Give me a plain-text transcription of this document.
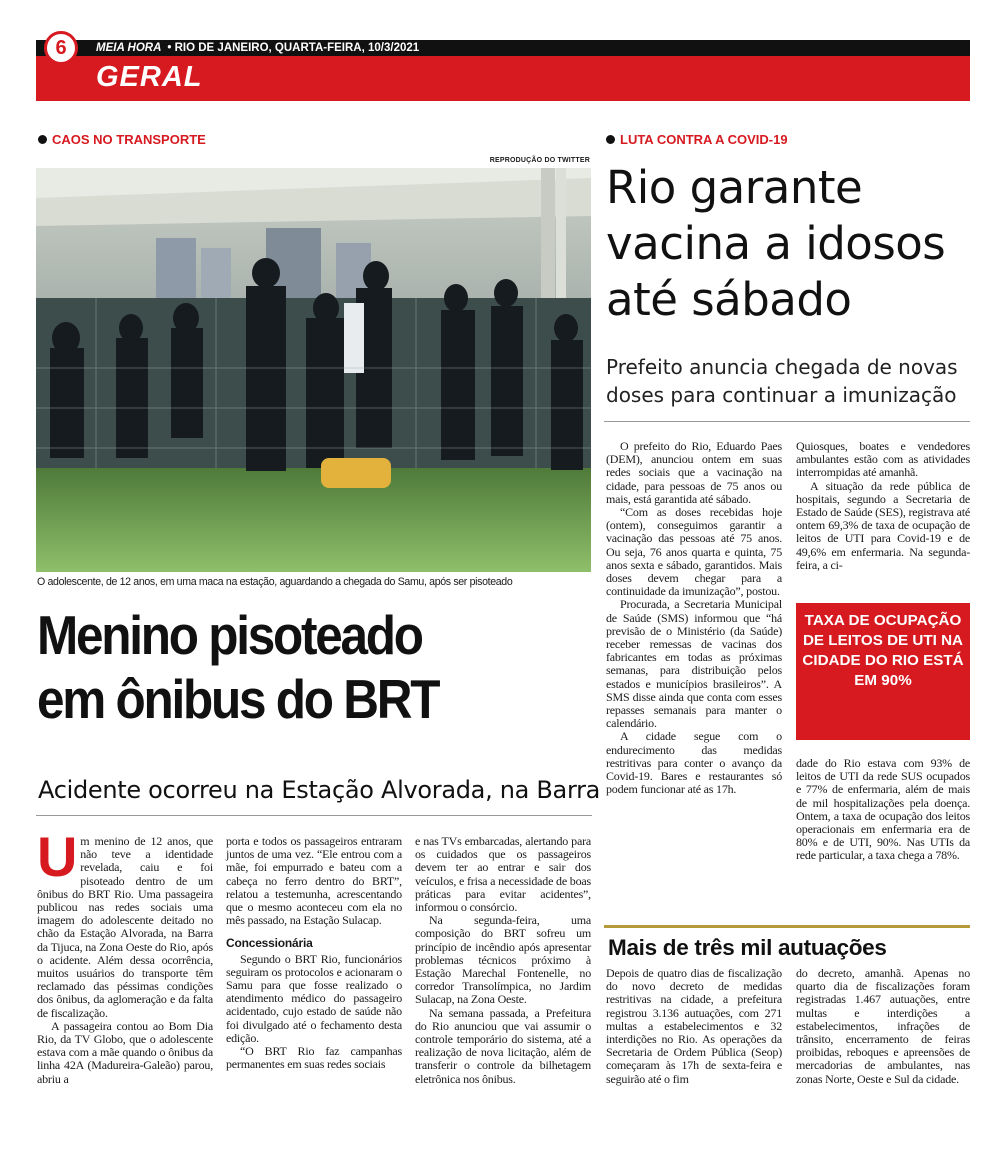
6	MEIA HORA • RIO DE JANEIRO, QUARTA-FEIRA, 10/3/2021
GERAL
CAOS NO TRANSPORTE
REPRODUÇÃO DO TWITTER
O adolescente, de 12 anos, em uma maca na estação, aguardando a chegada do Samu, após ser pisoteado
Menino pisoteado
em ônibus do BRT
Acidente ocorreu na Estação Alvorada, na Barra
U m menino de 12 anos, que não teve a identidade revelada, caiu e foi pisoteado dentro de um ônibus do BRT Rio. Uma passageira publicou nas redes sociais uma imagem do adolescente deitado no chão da Estação Alvorada, na Barra da Tijuca, na Zona Oeste do Rio, após o acidente. Além dessa ocorrência, muitos usuários do transporte têm reclamado das péssimas condições dos ônibus, da aglomeração e da falta de fiscalização.

A passageira contou ao Bom Dia Rio, da TV Globo, que o adolescente estava com a mãe quando o ônibus da linha 42A (Madureira-Galeão) parou, abriu a

porta e todos os passageiros entraram juntos de uma vez. “Ele entrou com a mãe, foi empurrado e bateu com a cabeça no ferro dentro do BRT”, relatou a testemunha, acrescentando que o mesmo aconteceu com ela no mês passado, na Estação Sulacap.

Concessionária

Segundo o BRT Rio, funcionários seguiram os protocolos e acionaram o Samu para que fosse realizado o atendimento médico do passageiro acidentado, cujo estado de saúde não foi divulgado até o fechamento desta edição.

“O BRT Rio faz campanhas permanentes em suas redes sociais

e nas TVs embarcadas, alertando para os cuidados que os passageiros devem ter ao entrar e sair dos veículos, e frisa a necessidade de boas práticas para evitar acidentes”, informou o consórcio.

Na segunda-feira, uma composição do BRT sofreu um princípio de incêndio após apresentar problemas técnicos próximo à Estação Marechal Fontenelle, no corredor Transolímpica, no Jardim Sulacap, na Zona Oeste.

Na semana passada, a Prefeitura do Rio anunciou que vai assumir o controle temporário do sistema, até a realização de nova licitação, além de transferir o controle da bilhetagem eletrônica nos ônibus.

LUTA CONTRA A COVID-19
Rio garante
vacina a idosos
até sábado
Prefeito anuncia chegada de novas doses para continuar a imunização

O prefeito do Rio, Eduardo Paes (DEM), anunciou ontem em suas redes sociais que a vacinação na cidade, para pessoas de 75 anos ou mais, está garantida até sábado.

“Com as doses recebidas hoje (ontem), conseguimos garantir a vacinação das pessoas até 75 anos. Ou seja, 76 anos quarta e quinta, 75 anos sexta e sábado, garantidos. Mais doses devem chegar para a continuidade da imunização”, postou.

Procurada, a Secretaria Municipal de Saúde (SMS) informou que “há previsão de o Ministério (da Saúde) receber remessas de vacinas dos fabricantes em todas as próximas semanas, para distribuição pelos estados e municípios brasileiros”. A SMS disse ainda que conta com esses repasses semanais para manter o calendário.

A cidade segue com o endurecimento das medidas restritivas para conter o avanço da Covid-19. Bares e restaurantes só podem funcionar até as 17h.

Quiosques, boates e vendedores ambulantes estão com as atividades interrompidas até amanhã.

A situação da rede pública de hospitais, segundo a Secretaria de Estado de Saúde (SES), registrava até ontem 69,3% de taxa de ocupação de leitos de UTI para Covid-19 e de 49,6% em enfermaria. Na segunda-feira, a ci-

TAXA DE OCUPAÇÃO DE LEITOS DE UTI NA CIDADE DO RIO ESTÁ EM 90%

dade do Rio estava com 93% de leitos de UTI da rede SUS ocupados e 77% de enfermaria, além de mais de mil hospitalizações pela doença. Ontem, a taxa de ocupação dos leitos operacionais em enfermaria era de 80% e de UTI, 90%. Nas UTIs da rede particular, a taxa chega a 78%.

Mais de três mil autuações

Depois de quatro dias de fiscalização do novo decreto de medidas restritivas na cidade, a prefeitura registrou 3.136 autuações, com 271 multas a estabelecimentos e 32 interdições no Rio. As operações da Secretaria de Ordem Pública (Seop) começaram às 17h de sexta-feira e seguirão até o fim

do decreto, amanhã. Apenas no quarto dia de fiscalizações foram registradas 1.467 autuações, entre multas e interdições a estabelecimentos, infrações de trânsito, encerramento de feiras proibidas, reboques e apreensões de mercadorias de ambulantes, nas zonas Norte, Oeste e Sul da cidade.
